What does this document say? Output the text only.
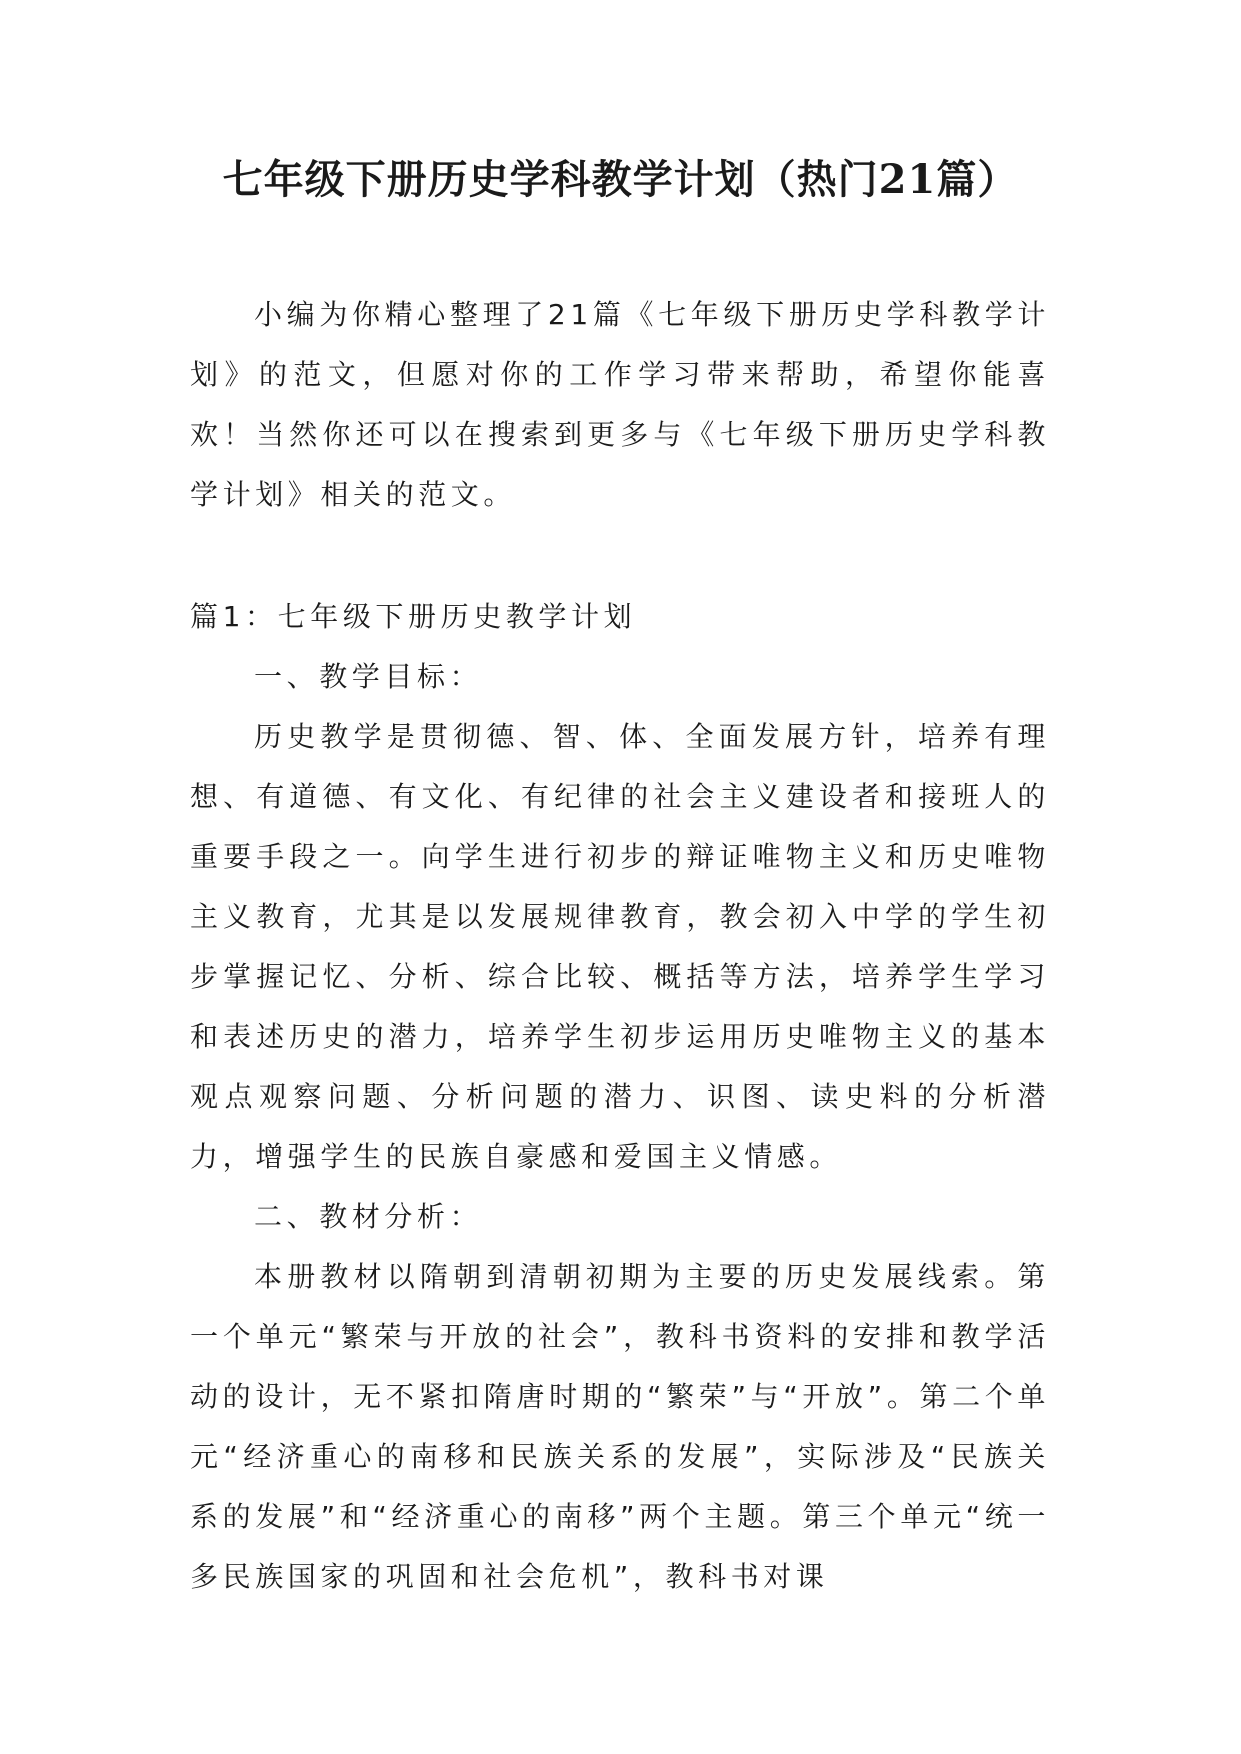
七年级下册历史学科教学计划（热门21篇）

小编为你精心整理了21篇《七年级下册历史学科教学计划》的范文，但愿对你的工作学习带来帮助，希望你能喜欢！当然你还可以在搜索到更多与《七年级下册历史学科教学计划》相关的范文。

篇1：七年级下册历史教学计划

一、教学目标：

历史教学是贯彻德、智、体、全面发展方针，培养有理想、有道德、有文化、有纪律的社会主义建设者和接班人的重要手段之一。向学生进行初步的辩证唯物主义和历史唯物主义教育，尤其是以发展规律教育，教会初入中学的学生初步掌握记忆、分析、综合比较、概括等方法，培养学生学习和表述历史的潜力，培养学生初步运用历史唯物主义的基本观点观察问题、分析问题的潜力、识图、读史料的分析潜力，增强学生的民族自豪感和爱国主义情感。

二、教材分析：

本册教材以隋朝到清朝初期为主要的历史发展线索。第一个单元“繁荣与开放的社会”，教科书资料的安排和教学活动的设计，无不紧扣隋唐时期的“繁荣”与“开放”。第二个单元“经济重心的南移和民族关系的发展”，实际涉及“民族关系的发展”和“经济重心的南移”两个主题。第三个单元“统一多民族国家的巩固和社会危机”，教科书对课
